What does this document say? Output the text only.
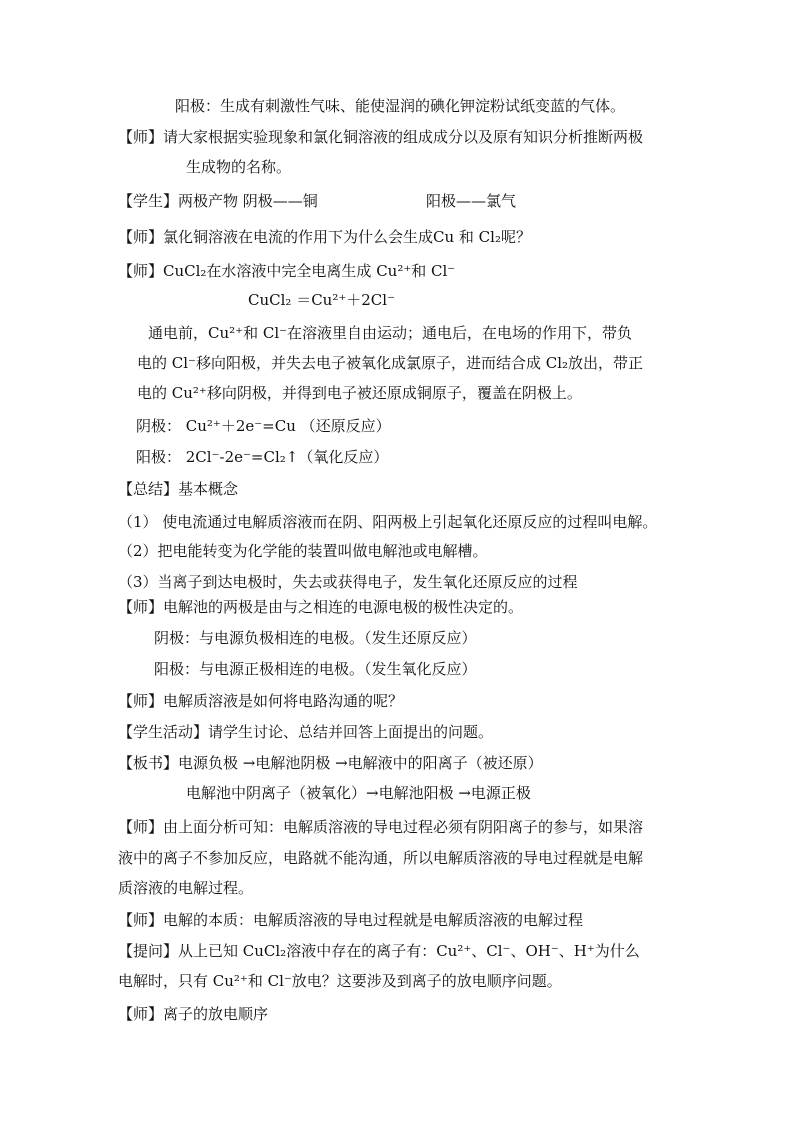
阳极：生成有刺激性气味、能使湿润的碘化钾淀粉试纸变蓝的气体。
【师】请大家根据实验现象和氯化铜溶液的组成成分以及原有知识分析推断两极
生成物的名称。
【学生】两极产物 阴极——铜	阳极——氯气
【师】氯化铜溶液在电流的作用下为什么会生成Cu 和 Cl₂呢？
【师】CuCl₂在水溶液中完全电离生成 Cu²⁺和 Cl⁻
CuCl₂ ＝Cu²⁺＋2Cl⁻
通电前，Cu²⁺和 Cl⁻在溶液里自由运动；通电后，在电场的作用下，带负
电的 Cl⁻移向阳极，并失去电子被氧化成氯原子，进而结合成 Cl₂放出，带正
电的 Cu²⁺移向阴极，并得到电子被还原成铜原子，覆盖在阴极上。
阴极： Cu²⁺＋2e⁻=Cu （还原反应）
阳极： 2Cl⁻-2e⁻=Cl₂↑（氧化反应）
【总结】基本概念
（1） 使电流通过电解质溶液而在阴、阳两极上引起氧化还原反应的过程叫电解。
（2）把电能转变为化学能的装置叫做电解池或电解槽。
（3）当离子到达电极时，失去或获得电子，发生氧化还原反应的过程
【师】电解池的两极是由与之相连的电源电极的极性决定的。
阴极：与电源负极相连的电极。（发生还原反应）
阳极：与电源正极相连的电极。（发生氧化反应）
【师】电解质溶液是如何将电路沟通的呢？
【学生活动】请学生讨论、总结并回答上面提出的问题。
【板书】电源负极 →电解池阴极 →电解液中的阳离子（被还原）
电解池中阴离子（被氧化）→电解池阳极 →电源正极
【师】由上面分析可知：电解质溶液的导电过程必须有阴阳离子的参与，如果溶
液中的离子不参加反应，电路就不能沟通，所以电解质溶液的导电过程就是电解
质溶液的电解过程。
【师】电解的本质：电解质溶液的导电过程就是电解质溶液的电解过程
【提问】从上已知 CuCl₂溶液中存在的离子有：Cu²⁺、Cl⁻、OH⁻、H⁺为什么
电解时，只有 Cu²⁺和 Cl⁻放电？这要涉及到离子的放电顺序问题。
【师】离子的放电顺序
